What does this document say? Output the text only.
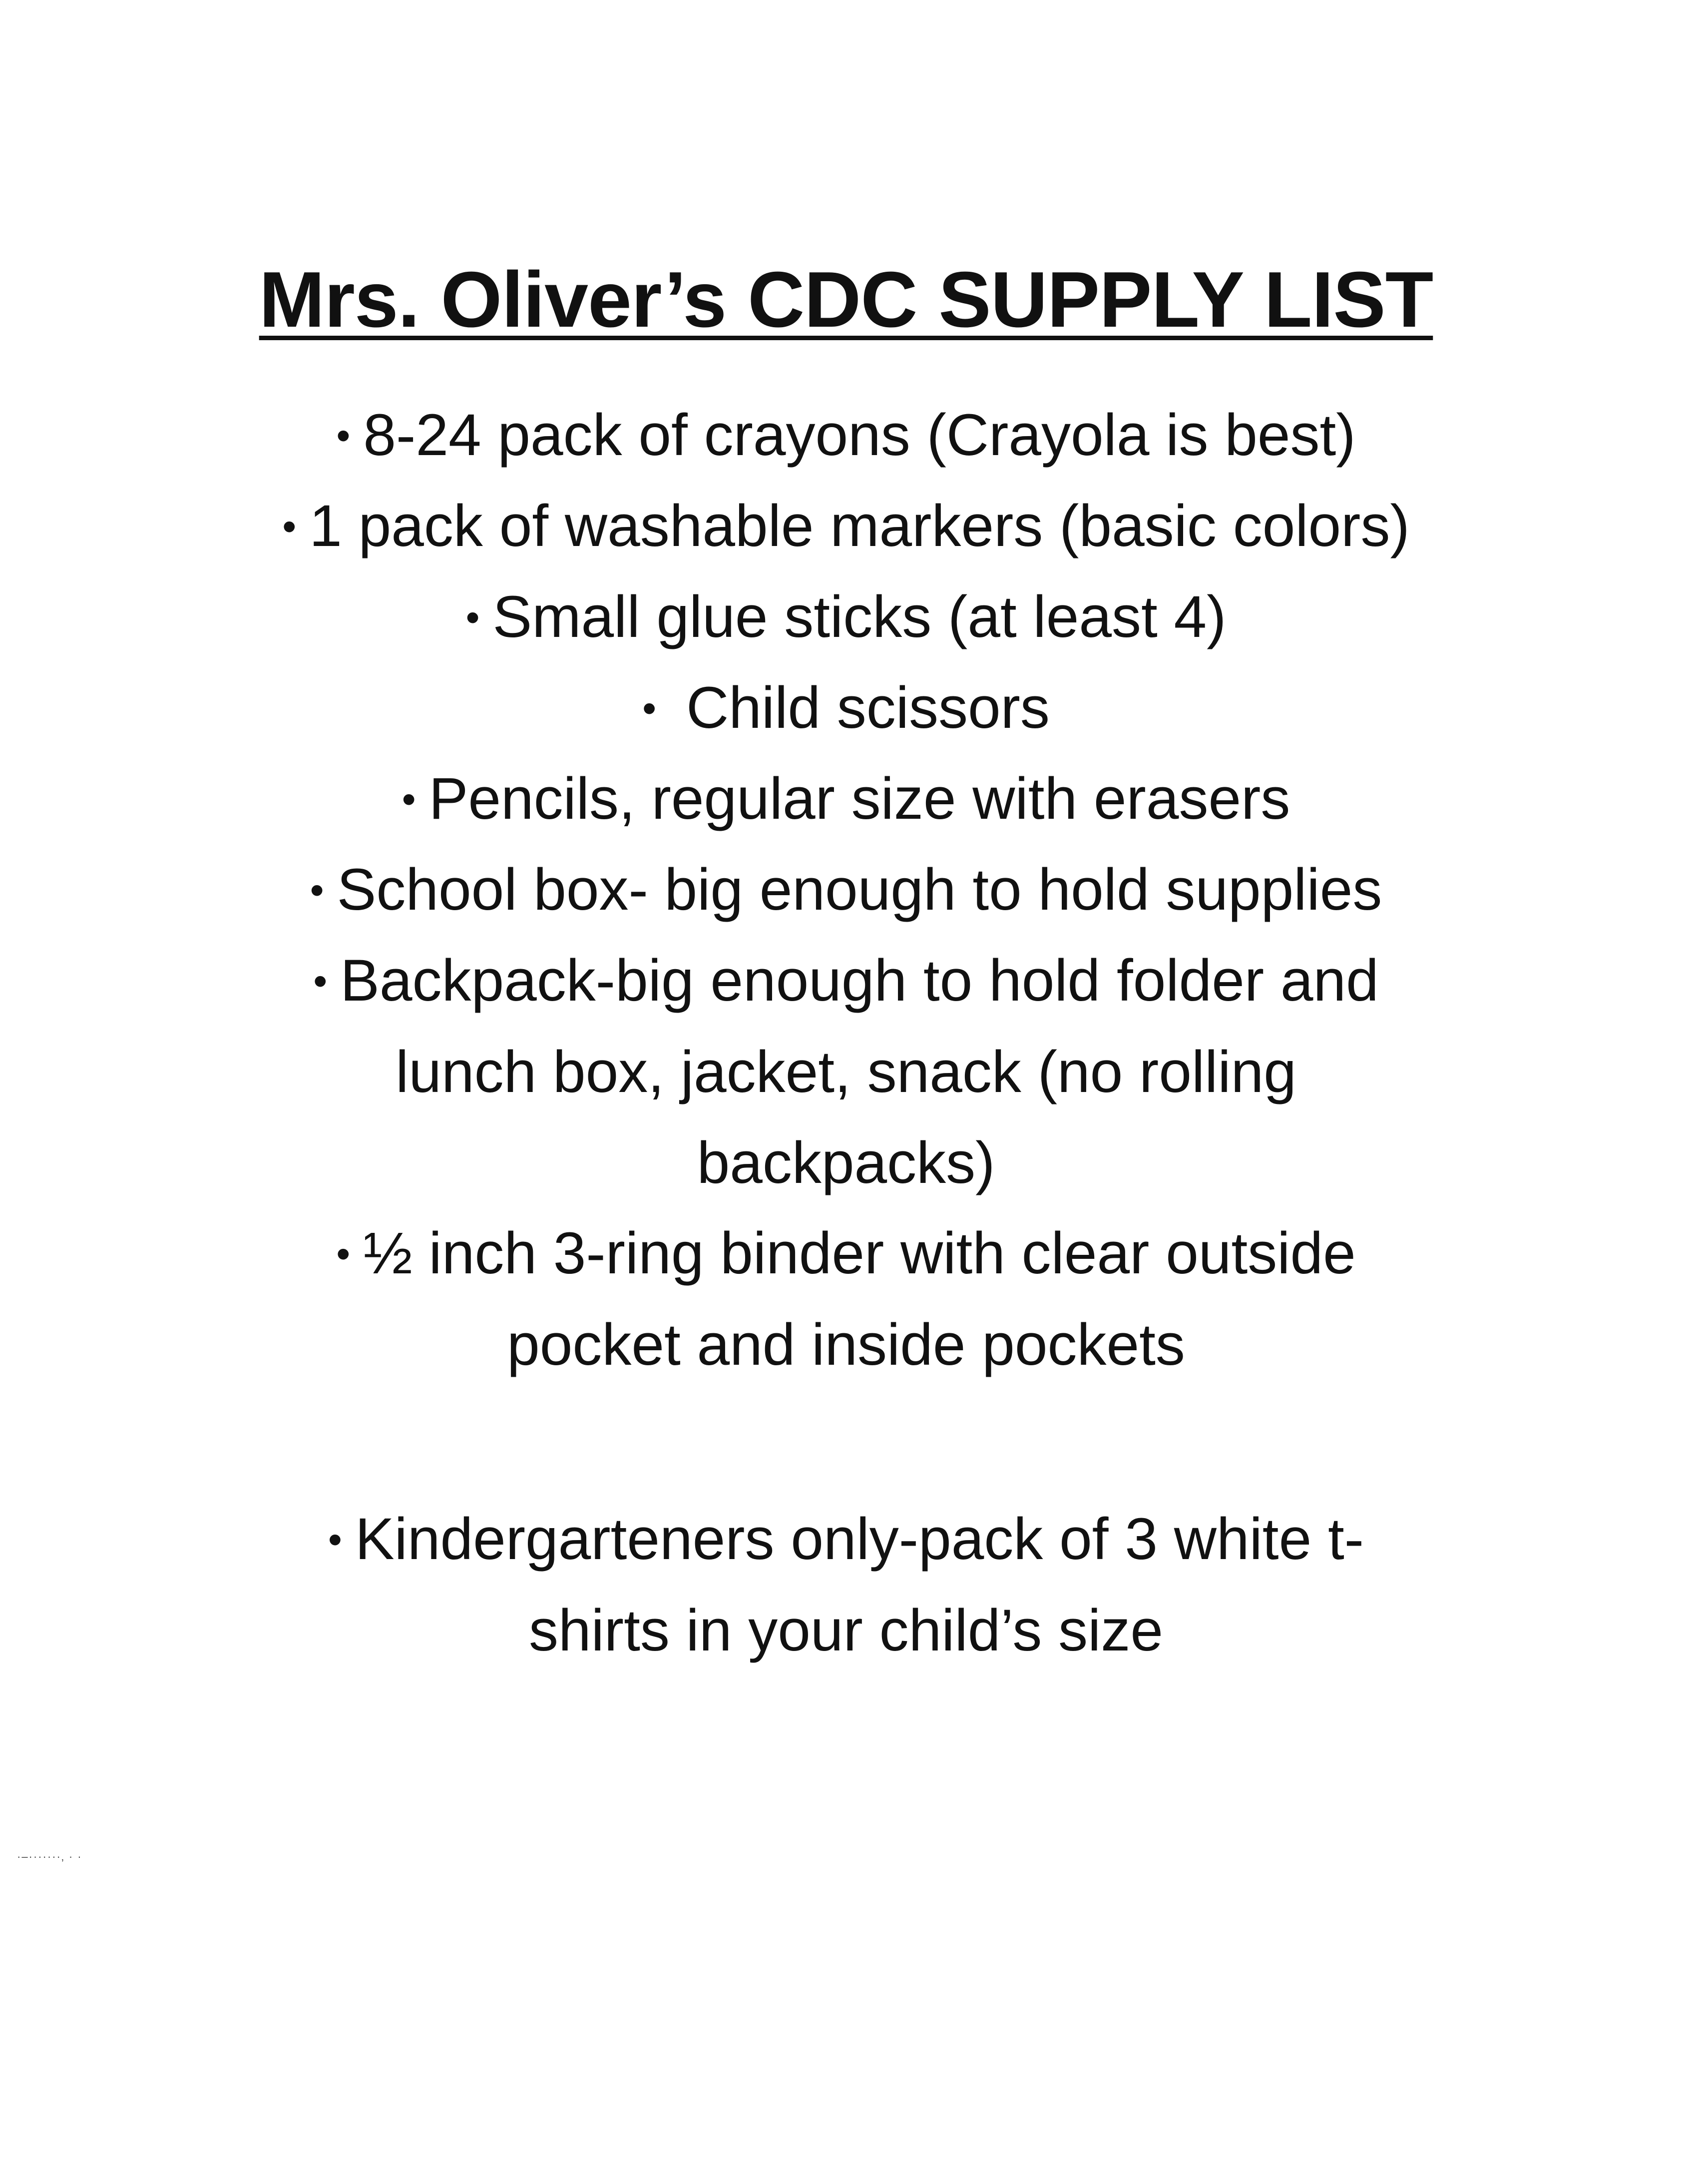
Mrs. Oliver’s CDC SUPPLY LIST
• 8-24 pack of crayons (Crayola is best)
• 1 pack of washable markers (basic colors)
• Small glue sticks (at least 4)
• Child scissors
• Pencils, regular size with erasers
• School box- big enough to hold supplies
• Backpack-big enough to hold folder and
lunch box, jacket, snack (no rolling
backpacks)
• ½ inch 3-ring binder with clear outside
pocket and inside pockets
• Kindergarteners only-pack of 3 white t-
shirts in your child’s size
·–·······‚ · ·
